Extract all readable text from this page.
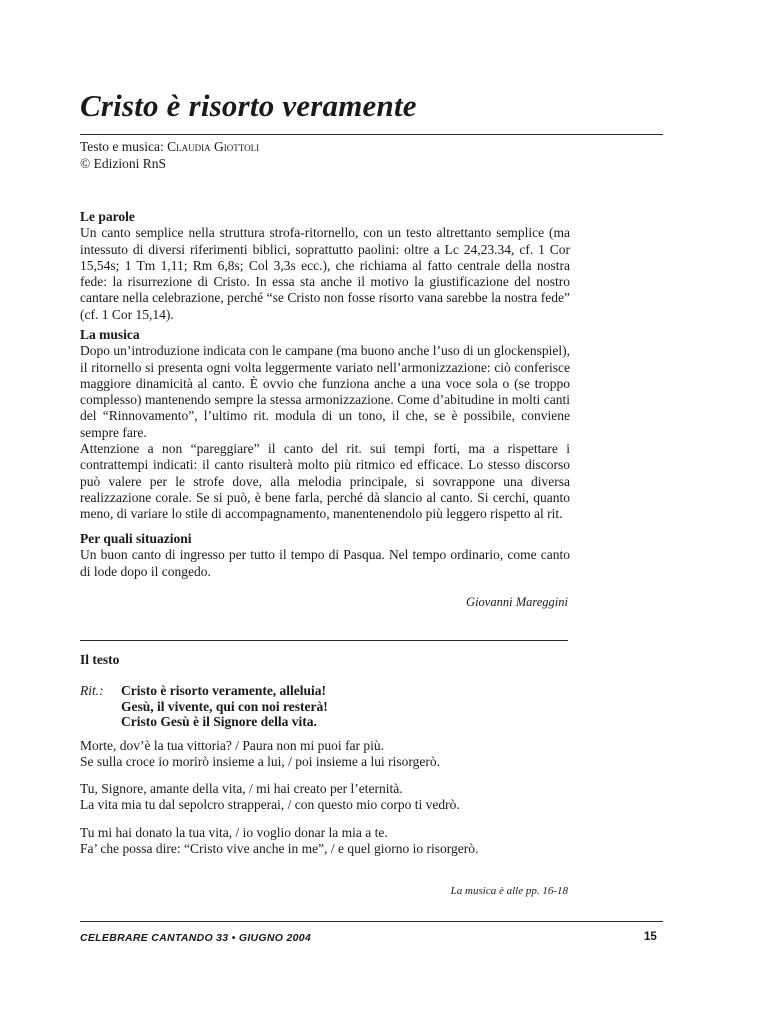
Cristo è risorto veramente
Testo e musica: Claudia Giottoli
© Edizioni RnS
Le parole

Un canto semplice nella struttura strofa-ritornello, con un testo altrettanto semplice (ma intessuto di diversi riferimenti biblici, soprattutto paolini: oltre a Lc 24,23.34, cf. 1 Cor 15,54s; 1 Tm 1,11; Rm 6,8s; Col 3,3s ecc.), che richiama al fatto centrale della nostra fede: la risurrezione di Cristo. In essa sta anche il motivo la giustificazione del nostro cantare nella celebrazione, perché “se Cristo non fosse risorto vana sarebbe la nostra fede” (cf. 1 Cor 15,14).

La musica

Dopo un’introduzione indicata con le campane (ma buono anche l’uso di un glockenspiel), il ritornello si presenta ogni volta leggermente variato nell’armonizzazione: ciò conferisce maggiore dinamicità al canto. È ovvio che funziona anche a una voce sola o (se troppo complesso) mantenendo sempre la stessa armonizzazione. Come d’abitudine in molti canti del “Rinnovamento”, l’ultimo rit. modula di un tono, il che, se è possibile, conviene sempre fare.

Attenzione a non “pareggiare” il canto del rit. sui tempi forti, ma a rispettare i contrattempi indicati: il canto risulterà molto più ritmico ed efficace. Lo stesso discorso può valere per le strofe dove, alla melodia principale, si sovrappone una diversa realizzazione corale. Se si può, è bene farla, perché dà slancio al canto. Si cerchi, quanto meno, di variare lo stile di accompagnamento, manentenendolo più leggero rispetto al rit.

Per quali situazioni

Un buon canto di ingresso per tutto il tempo di Pasqua. Nel tempo ordinario, come canto di lode dopo il congedo.

Giovanni Mareggini
Il testo
Rit.: Cristo è risorto veramente, alleluia!
Gesù, il vivente, qui con noi resterà!
Cristo Gesù è il Signore della vita.
Morte, dov’è la tua vittoria? / Paura non mi puoi far più.
Se sulla croce io morirò insieme a lui, / poi insieme a lui risorgerò.
Tu, Signore, amante della vita, / mi hai creato per l’eternità.
La vita mia tu dal sepolcro strapperai, / con questo mio corpo ti vedrò.
Tu mi hai donato la tua vita, / io voglio donar la mia a te.
Fa’ che possa dire: “Cristo vive anche in me”, / e quel giorno io risorgerò.
La musica è alle pp. 16-18
CELEBRARE CANTANDO 33 • GIUGNO 2004	15
